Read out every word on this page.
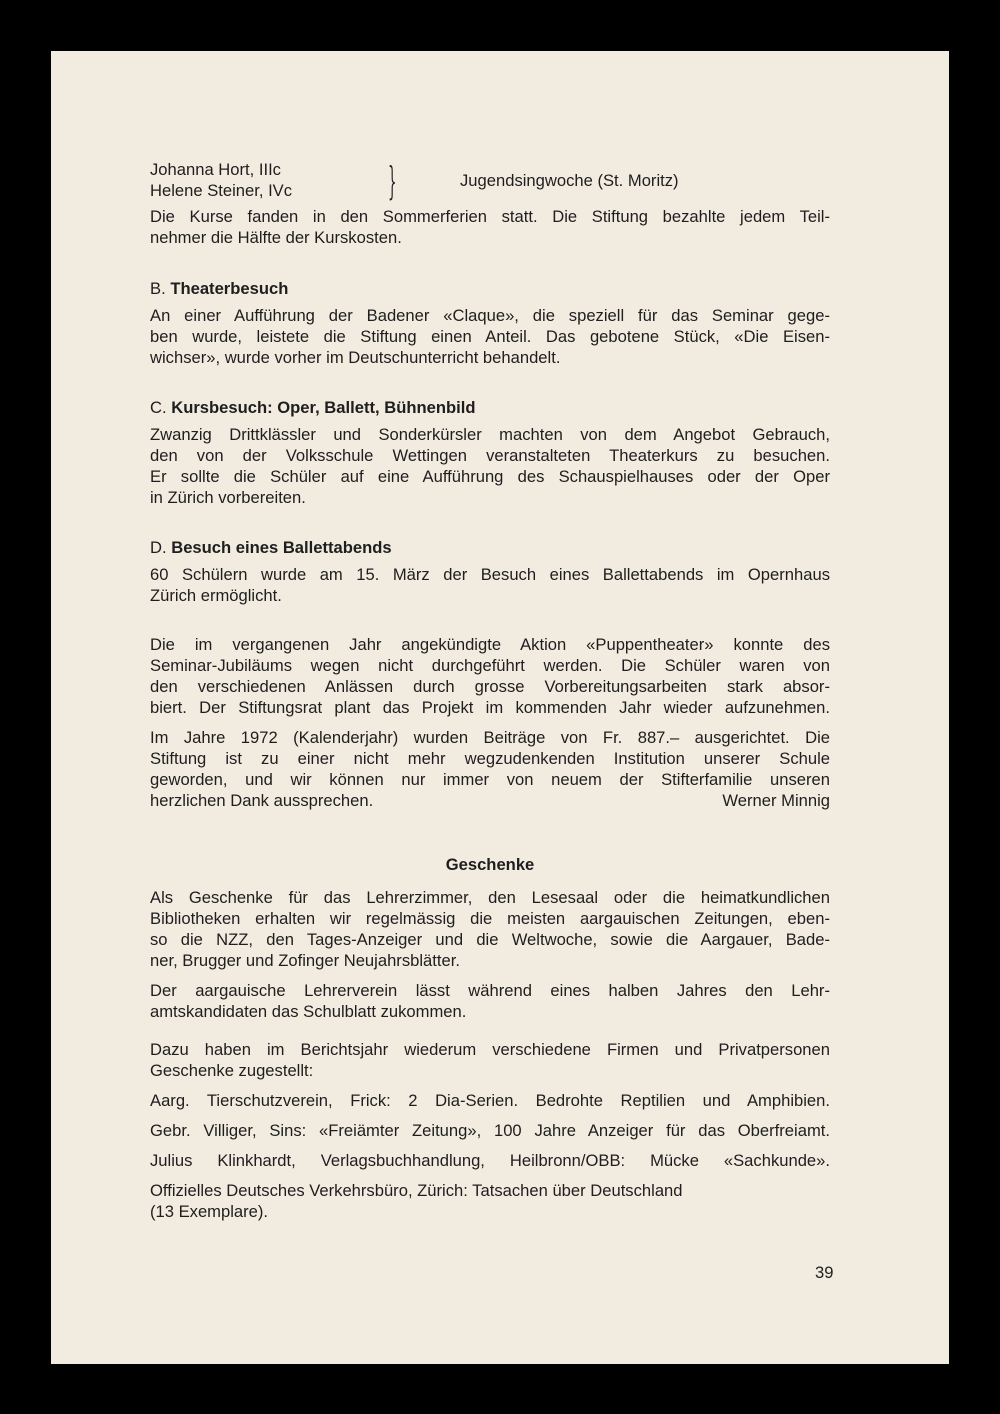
Johanna Hort, IIIc
Helene Steiner, IVc	}	Jugendsingwoche (St. Moritz)

Die Kurse fanden in den Sommerferien statt. Die Stiftung bezahlte jedem Teil-
nehmer die Hälfte der Kurskosten.

B. Theaterbesuch

An einer Aufführung der Badener «Claque», die speziell für das Seminar gege-
ben wurde, leistete die Stiftung einen Anteil. Das gebotene Stück, «Die Eisen-
wichser», wurde vorher im Deutschunterricht behandelt.

C. Kursbesuch: Oper, Ballett, Bühnenbild

Zwanzig Drittklässler und Sonderkürsler machten von dem Angebot Gebrauch,
den von der Volksschule Wettingen veranstalteten Theaterkurs zu besuchen.
Er sollte die Schüler auf eine Aufführung des Schauspielhauses oder der Oper
in Zürich vorbereiten.

D. Besuch eines Ballettabends

60 Schülern wurde am 15. März der Besuch eines Ballettabends im Opernhaus
Zürich ermöglicht.

Die im vergangenen Jahr angekündigte Aktion «Puppentheater» konnte des
Seminar-Jubiläums wegen nicht durchgeführt werden. Die Schüler waren von
den verschiedenen Anlässen durch grosse Vorbereitungsarbeiten stark absor-
biert. Der Stiftungsrat plant das Projekt im kommenden Jahr wieder aufzunehmen.

Im Jahre 1972 (Kalenderjahr) wurden Beiträge von Fr. 887.– ausgerichtet. Die
Stiftung ist zu einer nicht mehr wegzudenkenden Institution unserer Schule
geworden, und wir können nur immer von neuem der Stifterfamilie unseren
herzlichen Dank aussprechen.	Werner Minnig

Geschenke

Als Geschenke für das Lehrerzimmer, den Lesesaal oder die heimatkundlichen
Bibliotheken erhalten wir regelmässig die meisten aargauischen Zeitungen, eben-
so die NZZ, den Tages-Anzeiger und die Weltwoche, sowie die Aargauer, Bade-
ner, Brugger und Zofinger Neujahrsblätter.

Der aargauische Lehrerverein lässt während eines halben Jahres den Lehr-
amtskandidaten das Schulblatt zukommen.

Dazu haben im Berichtsjahr wiederum verschiedene Firmen und Privatpersonen
Geschenke zugestellt:

Aarg. Tierschutzverein, Frick: 2 Dia-Serien. Bedrohte Reptilien und Amphibien.

Gebr. Villiger, Sins: «Freiämter Zeitung», 100 Jahre Anzeiger für das Oberfreiamt.

Julius Klinkhardt, Verlagsbuchhandlung, Heilbronn/OBB: Mücke «Sachkunde».

Offizielles Deutsches Verkehrsbüro, Zürich: Tatsachen über Deutschland
(13 Exemplare).

39
